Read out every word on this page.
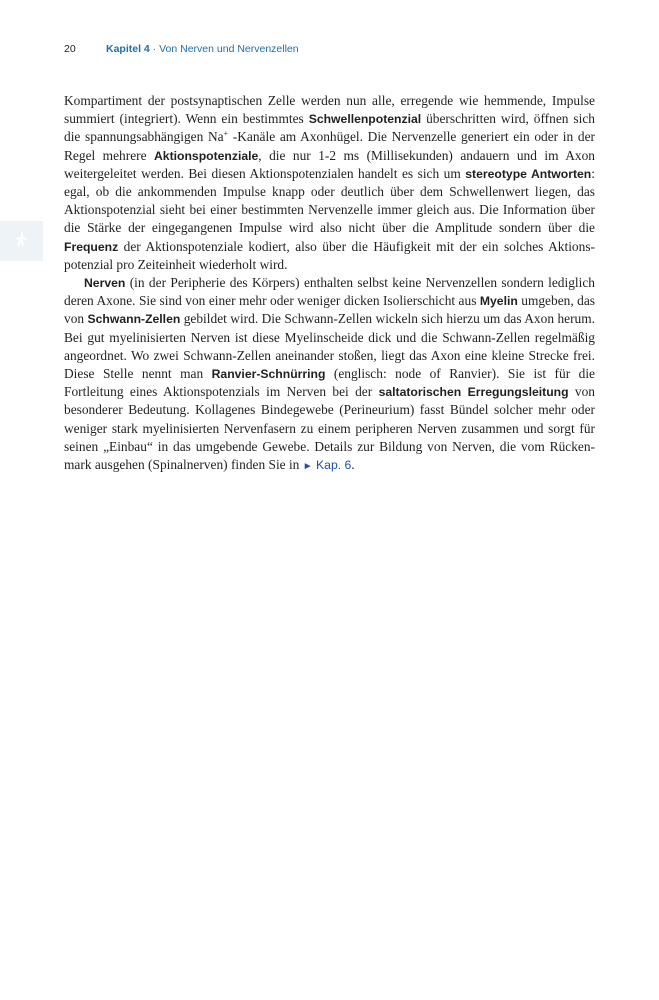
20	Kapitel 4 · Von Nerven und Nervenzellen

Kompartiment der postsynaptischen Zelle werden nun alle, erregende wie hemmende, Impulse summiert (integriert). Wenn ein bestimmtes Schwellenpotenzial überschritten wird, öffnen sich die spannungsabhängigen Na+ -Kanäle am Axonhügel. Die Nervenzelle generiert ein oder in der Regel mehrere Aktionspotenziale, die nur 1-2 ms (Millisekunden) andauern und im Axon weitergeleitet werden. Bei diesen Aktionspotenzialen handelt es sich um stereotype Antworten: egal, ob die ankommenden Impulse knapp oder deutlich über dem Schwellenwert liegen, das Aktionspotenzial sieht bei einer bestimmten Nervenzelle immer gleich aus. Die Information über die Stärke der eingegangenen Impulse wird also nicht über die Amplitude sondern über die Frequenz der Aktionspotenziale kodiert, also über die Häufigkeit mit der ein solches Aktions-potenzial pro Zeiteinheit wiederholt wird.

Nerven (in der Peripherie des Körpers) enthalten selbst keine Nervenzellen sondern lediglich deren Axone. Sie sind von einer mehr oder weniger dicken Isolierschicht aus Myelin umgeben, das von Schwann-Zellen gebildet wird. Die Schwann-Zellen wickeln sich hierzu um das Axon herum. Bei gut myelinisierten Nerven ist diese Myelinscheide dick und die Schwann-Zellen regelmäßig angeordnet. Wo zwei Schwann-Zellen aneinander stoßen, liegt das Axon eine kleine Strecke frei. Diese Stelle nennt man Ranvier-Schnürring (englisch: node of Ranvier). Sie ist für die Fortleitung eines Aktionspotenzials im Nerven bei der saltatorischen Erregungsleitung von besonderer Bedeutung. Kollagenes Bindegewebe (Perineurium) fasst Bündel solcher mehr oder weniger stark myelinisierten Nervenfasern zu einem peripheren Nerven zusammen und sorgt für seinen „Einbau“ in das umgebende Gewebe. Details zur Bildung von Nerven, die vom Rücken-mark ausgehen (Spinalnerven) finden Sie in ► Kap. 6.
